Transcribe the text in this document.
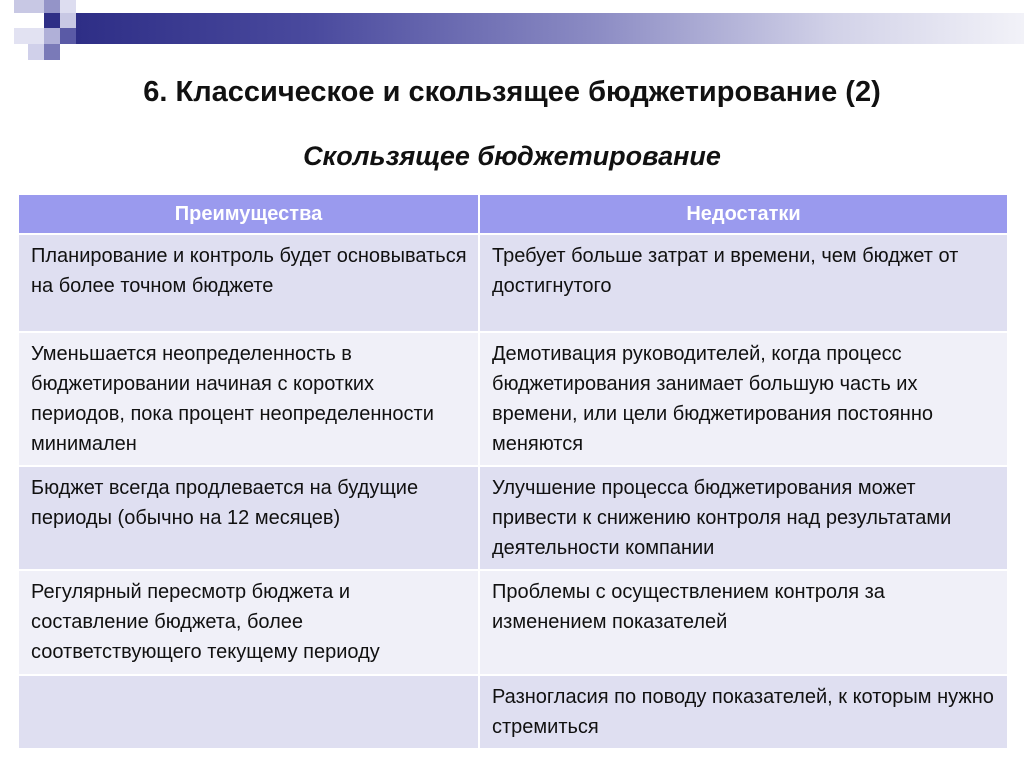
6. Классическое и скользящее бюджетирование (2)
Скользящее бюджетирование
Преимущества	Недостатки
Планирование и контроль будет основываться на более точном бюджете	Требует больше затрат и времени, чем бюджет от достигнутого
Уменьшается неопределенность в бюджетировании начиная с коротких периодов, пока процент неопределенности минимален	Демотивация руководителей, когда процесс бюджетирования занимает большую часть их времени, или цели бюджетирования постоянно меняются
Бюджет всегда продлевается на будущие периоды (обычно на 12 месяцев)	Улучшение процесса бюджетирования может привести к снижению контроля над результатами деятельности компании
Регулярный пересмотр бюджета и составление бюджета, более соответствующего текущему периоду	Проблемы с осуществлением контроля за изменением показателей
	Разногласия по поводу показателей, к которым нужно стремиться
